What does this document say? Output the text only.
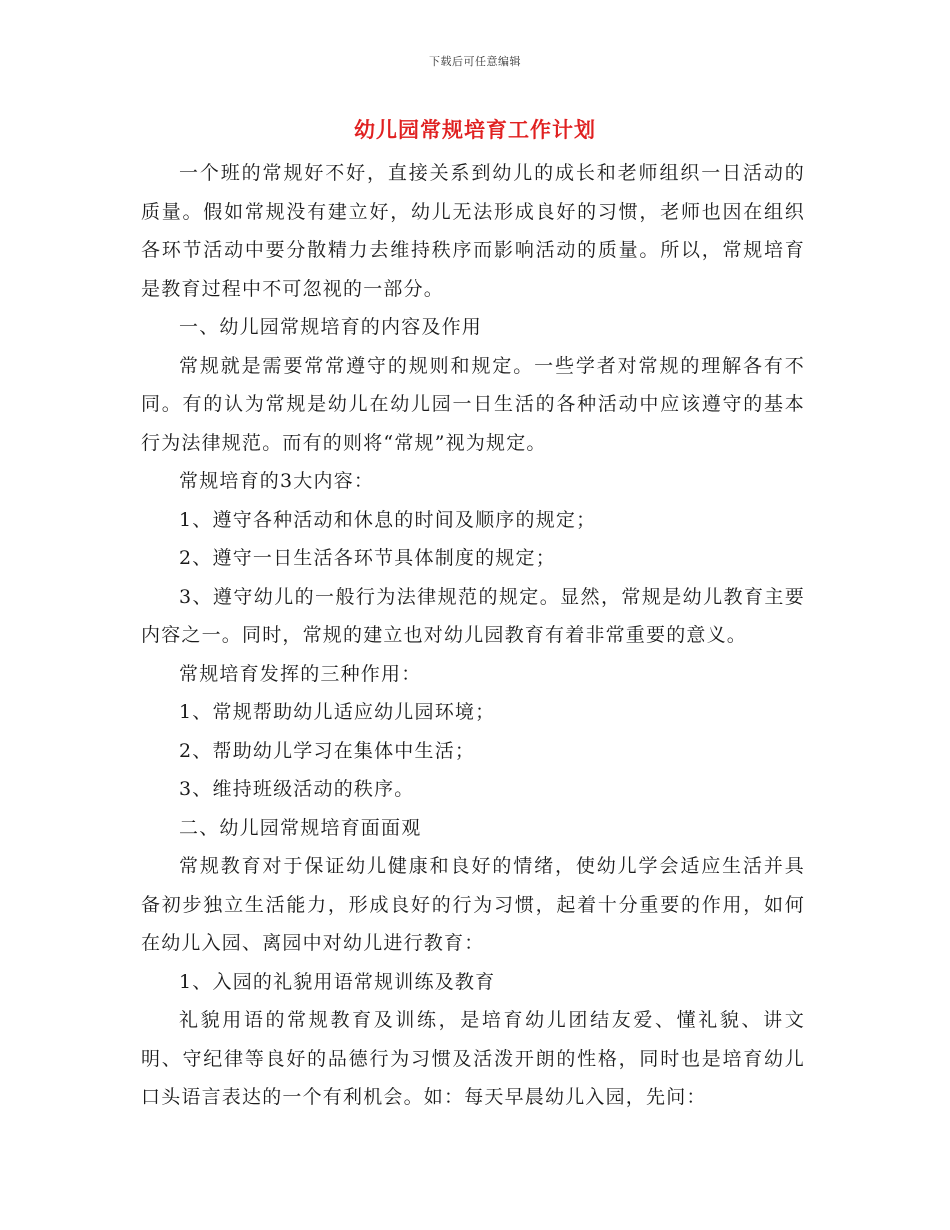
下载后可任意编辑
幼儿园常规培育工作计划

一个班的常规好不好，直接关系到幼儿的成长和老师组织一日活动的质量。假如常规没有建立好，幼儿无法形成良好的习惯，老师也因在组织各环节活动中要分散精力去维持秩序而影响活动的质量。所以，常规培育是教育过程中不可忽视的一部分。

一、幼儿园常规培育的内容及作用

常规就是需要常常遵守的规则和规定。一些学者对常规的理解各有不同。有的认为常规是幼儿在幼儿园一日生活的各种活动中应该遵守的基本行为法律规范。而有的则将“常规”视为规定。

常规培育的3大内容：

1、遵守各种活动和休息的时间及顺序的规定；

2、遵守一日生活各环节具体制度的规定；

3、遵守幼儿的一般行为法律规范的规定。显然，常规是幼儿教育主要内容之一。同时，常规的建立也对幼儿园教育有着非常重要的意义。

常规培育发挥的三种作用：

1、常规帮助幼儿适应幼儿园环境；

2、帮助幼儿学习在集体中生活；

3、维持班级活动的秩序。

二、幼儿园常规培育面面观

常规教育对于保证幼儿健康和良好的情绪，使幼儿学会适应生活并具备初步独立生活能力，形成良好的行为习惯，起着十分重要的作用，如何在幼儿入园、离园中对幼儿进行教育：

1、入园的礼貌用语常规训练及教育

礼貌用语的常规教育及训练，是培育幼儿团结友爱、懂礼貌、讲文明、守纪律等良好的品德行为习惯及活泼开朗的性格，同时也是培育幼儿口头语言表达的一个有利机会。如：每天早晨幼儿入园，先问：
